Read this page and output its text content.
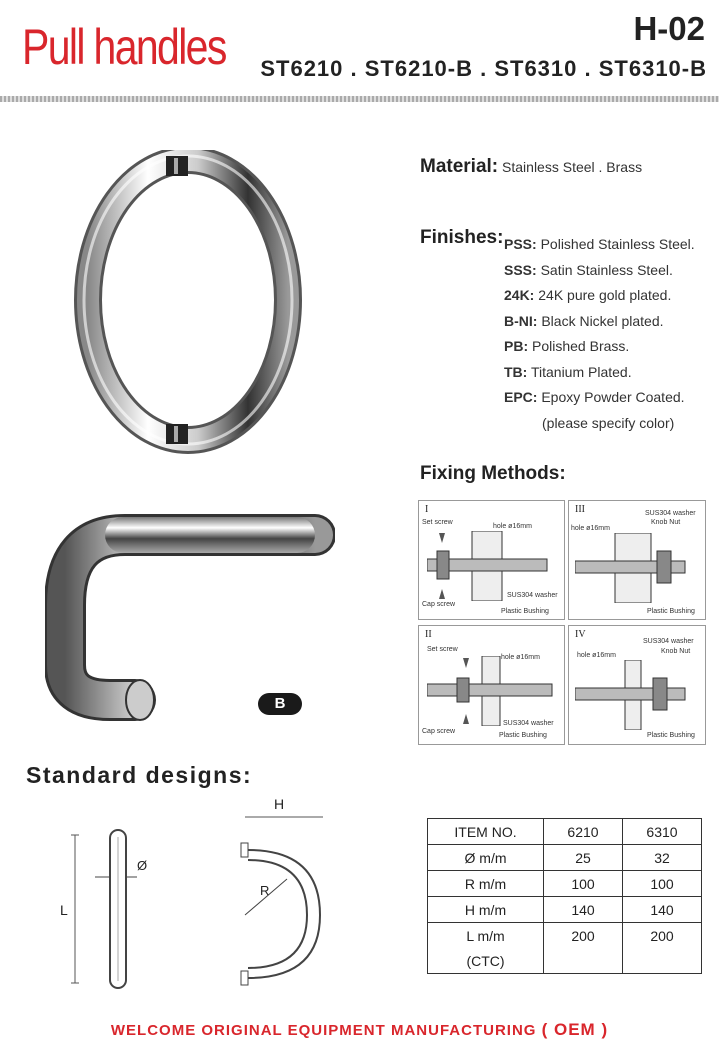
Pull handles	H-02
ST6210 . ST6210-B . ST6310 . ST6310-B
B
Material: Stainless Steel . Brass
Finishes: PSS: Polished Stainless Steel.
SSS: Satin Stainless Steel.
24K: 24K pure gold plated.
B-NI: Black Nickel plated.
PB: Polished Brass.
TB: Titanium Plated.
EPC: Epoxy Powder Coated.
(please specify color)
Fixing Methods:
I
Set screw
hole ø16mm
SUS304 washer
Cap screw
Plastic Bushing
III	SUS304 washer
hole ø16mm
Knob Nut
Plastic Bushing
II
Set screw
hole ø16mm
Cap screw
SUS304 washer
Plastic Bushing
IV
SUS304 washer
hole ø16mm
Knob Nut
Plastic Bushing
Standard designs:
Ø
L
H
R
ITEM NO.	6210	6310
Ø m/m	25	32
R m/m	100	100
H m/m	140	140
L m/m	200	200
(CTC)		
WELCOME ORIGINAL EQUIPMENT MANUFACTURING ( OEM )
